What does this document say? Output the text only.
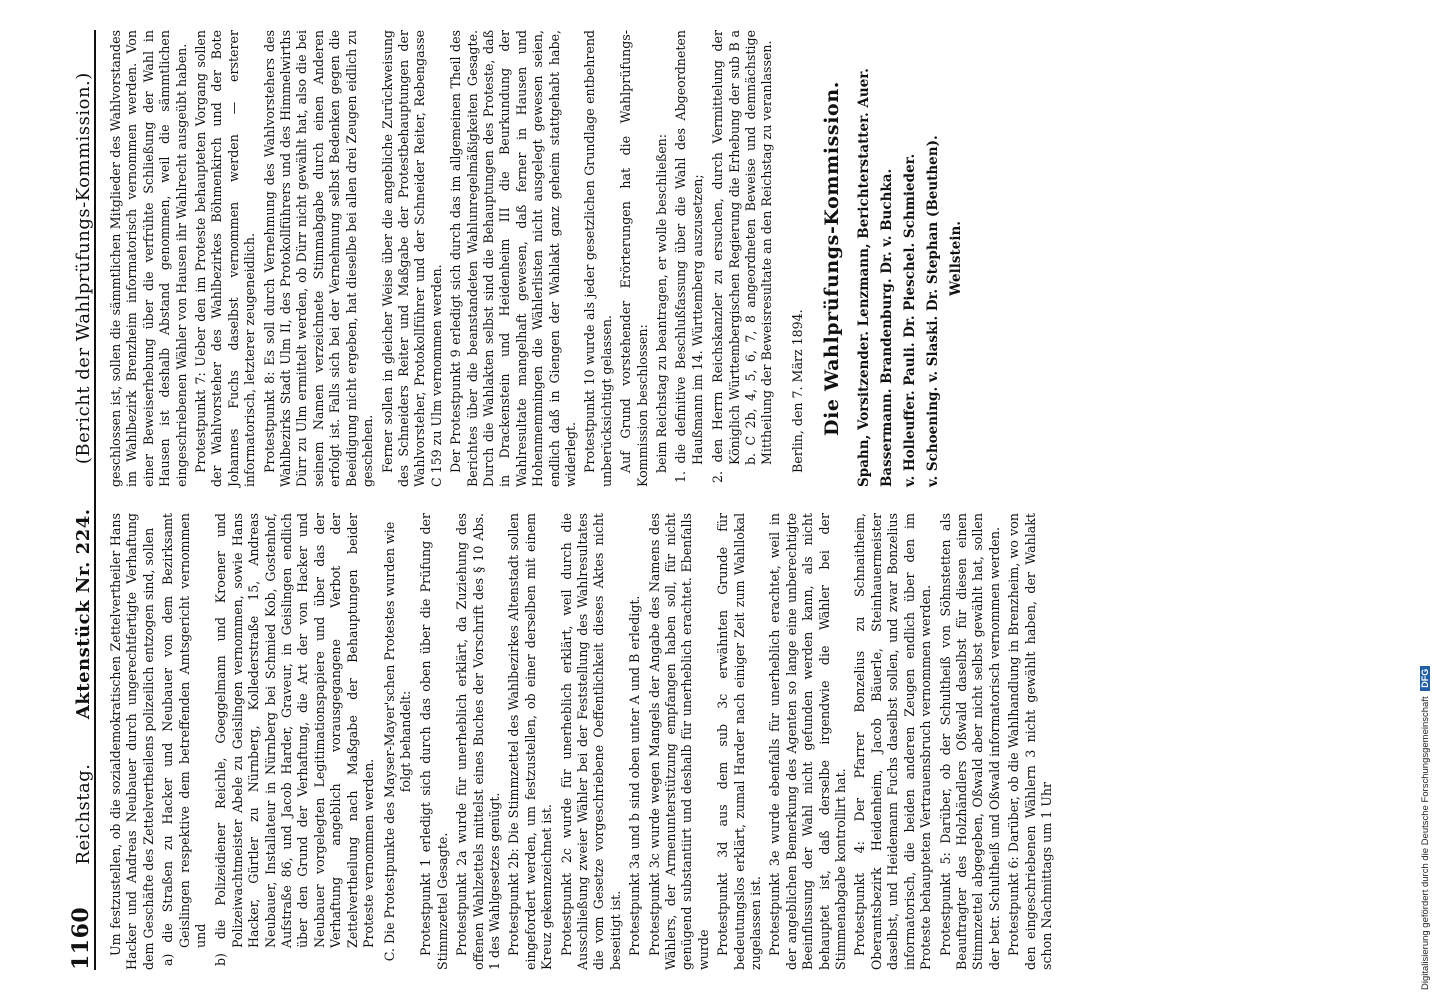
1160
Reichstag.
Aktenstück Nr. 224.
(Bericht der Wahlprüfungs-Kommission.)

Um festzustellen, ob die sozialdemokratischen Zettelvertheiler Hans Hacker und Andreas Neubauer durch ungerechtfertigte Verhaftung dem Geschäfte des Zettelvertheilens polizeilich entzogen sind, sollen a) die Straßen zu Hacker und Neubauer von dem Bezirksamt Geislingen respektive dem betreffenden Amtsgericht vernommen und b) die Polizeidiener Reichle, Goeggelmann und Kroener und Polizeiwachtmeister Abele zu Geislingen vernommen, sowie Hans Hacker, Gürtler zu Nürnberg, Kollederstraße 15, Andreas Neubauer, Installateur in Nürnberg bei Schmied Kob, Gostenhof, Aufstraße 86, und Jacob Harder, Graveur, in Geislingen endlich über den Grund der Verhaftung, die Art der von Hacker und Neubauer vorgelegten Legitimationspapiere und über das der Verhaftung angeblich vorausgegangene Verbot der Zettelvertheilung nach Maßgabe der Behauptungen beider Proteste vernommen werden. C. Die Protestpunkte des Mayser-Mayer'schen Protestes wurden wie folgt behandelt: Protestpunkt 1 erledigt sich durch das oben über die Prüfung der Stimmzettel Gesagte. Protestpunkt 2a wurde für unerheblich erklärt, da Zuziehung des offenen Wahlzettels mittelst eines Buches der Vorschrift des § 10 Abs. 1 des Wahlgesetzes genügt. Protestpunkt 2b: Die Stimmzettel des Wahlbezirkes Altenstadt sollen eingefordert werden, um festzustellen, ob einer derselben mit einem Kreuz gekennzeichnet ist. Protestpunkt 2c wurde für unerheblich erklärt, weil durch die Ausschließung zweier Wähler bei der Feststellung des Wahlresultates die vom Gesetze vorgeschriebene Oeffentlichkeit dieses Aktes nicht beseitigt ist. Protestpunkt 3a und b sind oben unter A und B erledigt. Protestpunkt 3c wurde wegen Mangels der Angabe des Namens des Wählers, der Armenunterstützung empfangen haben soll, für nicht genügend substantiirt und deshalb für unerheblich erachtet. Ebenfalls wurde Protestpunkt 3d aus dem sub 3c erwähnten Grunde für bedeutungslos erklärt, zumal Harder nach einiger Zeit zum Wahllokal zugelassen ist. Protestpunkt 3e wurde ebenfalls für unerheblich erachtet, weil in der angeblichen Bemerkung des Agenten so lange eine unberechtigte Beeinflussung der Wahl nicht gefunden werden kann, als nicht behauptet ist, daß derselbe irgendwie die Wähler bei der Stimmenabgabe kontrollirt hat. Protestpunkt 4: Der Pfarrer Bonzelius zu Schnaitheim, Oberamtsbezirk Heidenheim, Jacob Bäuerle, Steinhauermeister daselbst, und Heidemann Fuchs daselbst sollen, und zwar Bonzelius informatorisch, die beiden anderen Zeugen endlich über den im Proteste behaupteten Vertrauensbruch vernommen werden. Protestpunkt 5: Darüber, ob der Schultheiß von Söhnstetten als Beauftragter des Holzhändlers Oßwald daselbst für diesen einen Stimmzettel abgegeben, Oßwald aber nicht selbst gewählt hat, sollen der betr. Schultheiß und Oßwald informatorisch vernommen werden. Protestpunkt 6: Darüber, ob die Wahlhandlung in Brenzheim, wo von den eingeschriebenen Wählern 3 nicht gewählt haben, der Wahlakt schon Nachmittags um 1 Uhr

geschlossen ist, sollen die sämmtlichen Mitglieder des Wahlvorstandes im Wahlbezirk Brenzheim informatorisch vernommen werden. Von einer Beweiserhebung über die verfrühte Schließung der Wahl in Hausen ist deshalb Abstand genommen, weil die sämmtlichen eingeschriebenen Wähler von Hausen ihr Wahlrecht ausgeübt haben. Protestpunkt 7: Ueber den im Proteste behaupteten Vorgang sollen der Wahlvorsteher des Wahlbezirkes Böhmenkirch und der Bote Johannes Fuchs daselbst vernommen werden — ersterer informatorisch, letzterer zeugeneidlich. Protestpunkt 8: Es soll durch Vernehmung des Wahlvorstehers des Wahlbezirks Stadt Ulm II, des Protokollführers und des Himmelwirths Dürr zu Ulm ermittelt werden, ob Dürr nicht gewählt hat, also die bei seinem Namen verzeichnete Stimmabgabe durch einen Anderen erfolgt ist. Falls sich bei der Vernehmung selbst Bedenken gegen die Beeidigung nicht ergeben, hat dieselbe bei allen drei Zeugen eidlich zu geschehen. Ferner sollen in gleicher Weise über die angebliche Zurückweisung des Schneiders Reiter und Maßgabe der Protestbehauptungen der Wahlvorsteher, Protokollführer und der Schneider Reiter, Rebengasse C 159 zu Ulm vernommen werden. Der Protestpunkt 9 erledigt sich durch das im allgemeinen Theil des Berichtes über die beanstandeten Wahlunregelmäßigkeiten Gesagte. Durch die Wahlakten selbst sind die Behauptungen des Proteste, daß in Drackenstein und Heidenheim III die Beurkundung der Wahlresultate mangelhaft gewesen, daß ferner in Hausen und Hohenmemmingen die Wählerlisten nicht ausgelegt gewesen seien, endlich daß in Giengen der Wahlakt ganz geheim stattgehabt habe, widerlegt. Protestpunkt 10 wurde als jeder gesetzlichen Grundlage entbehrend unberücksichtigt gelassen. Auf Grund vorstehender Erörterungen hat die Wahlprüfungs-Kommission beschlossen: beim Reichstag zu beantragen, er wolle beschließen: 1. die definitive Beschlußfassung über die Wahl des Abgeordneten Haußmann im 14. Württemberg auszusetzen; 2. den Herrn Reichskanzler zu ersuchen, durch Vermittelung der Königlich Württembergischen Regierung die Erhebung der sub B a b. C 2b, 4, 5, 6, 7, 8 angeordneten Beweise und demnächstige Mittheilung der Beweisresultate an den Reichstag zu veranlassen. Berlin, den 7. März 1894. Die Wahlprüfungs-Kommission. Spahn, Vorsitzender. Lenzmann, Berichterstatter. Auer. Bassermann. Brandenburg. Dr. v. Buchka. v. Holleuffer. Pauli. Dr. Pieschel. Schmieder. v. Schoening. v. Slaski. Dr. Stephan (Beuthen). Wellstein.

Digitalisierung gefördert durch die Deutsche Forschungsgemeinschaft DFG
